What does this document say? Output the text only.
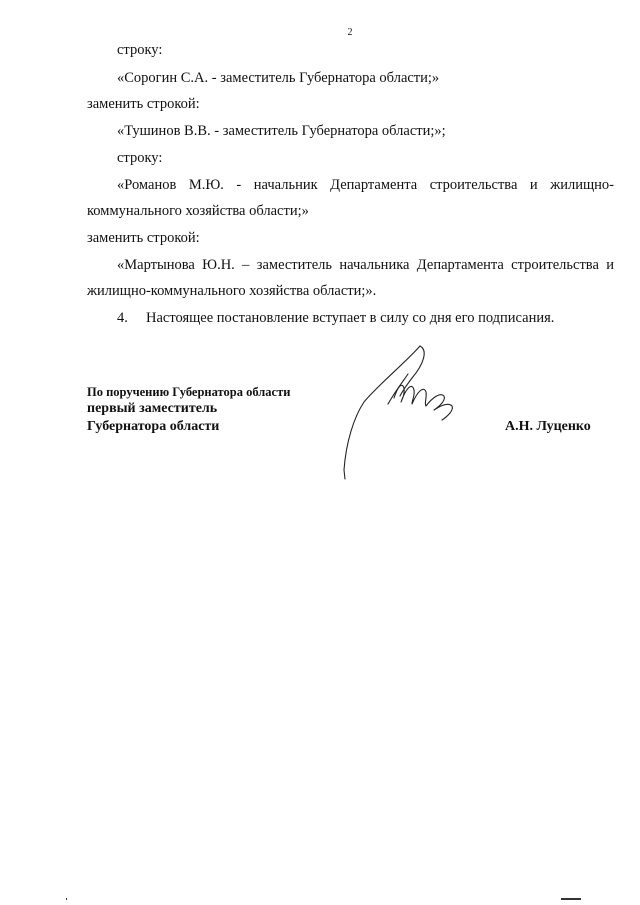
2
строку:
«Сорогин С.А. - заместитель Губернатора области;»
заменить строкой:
«Тушинов В.В. - заместитель Губернатора области;»;
строку:
«Романов М.Ю. - начальник Департамента строительства и жилищно-
коммунального хозяйства области;»
заменить строкой:
«Мартынова Ю.Н. – заместитель начальника Департамента строительства и
жилищно-коммунального хозяйства области;».
4. Настоящее постановление вступает в силу со дня его подписания.
По поручению Губернатора области
первый заместитель
Губернатора области	А.Н. Луценко
